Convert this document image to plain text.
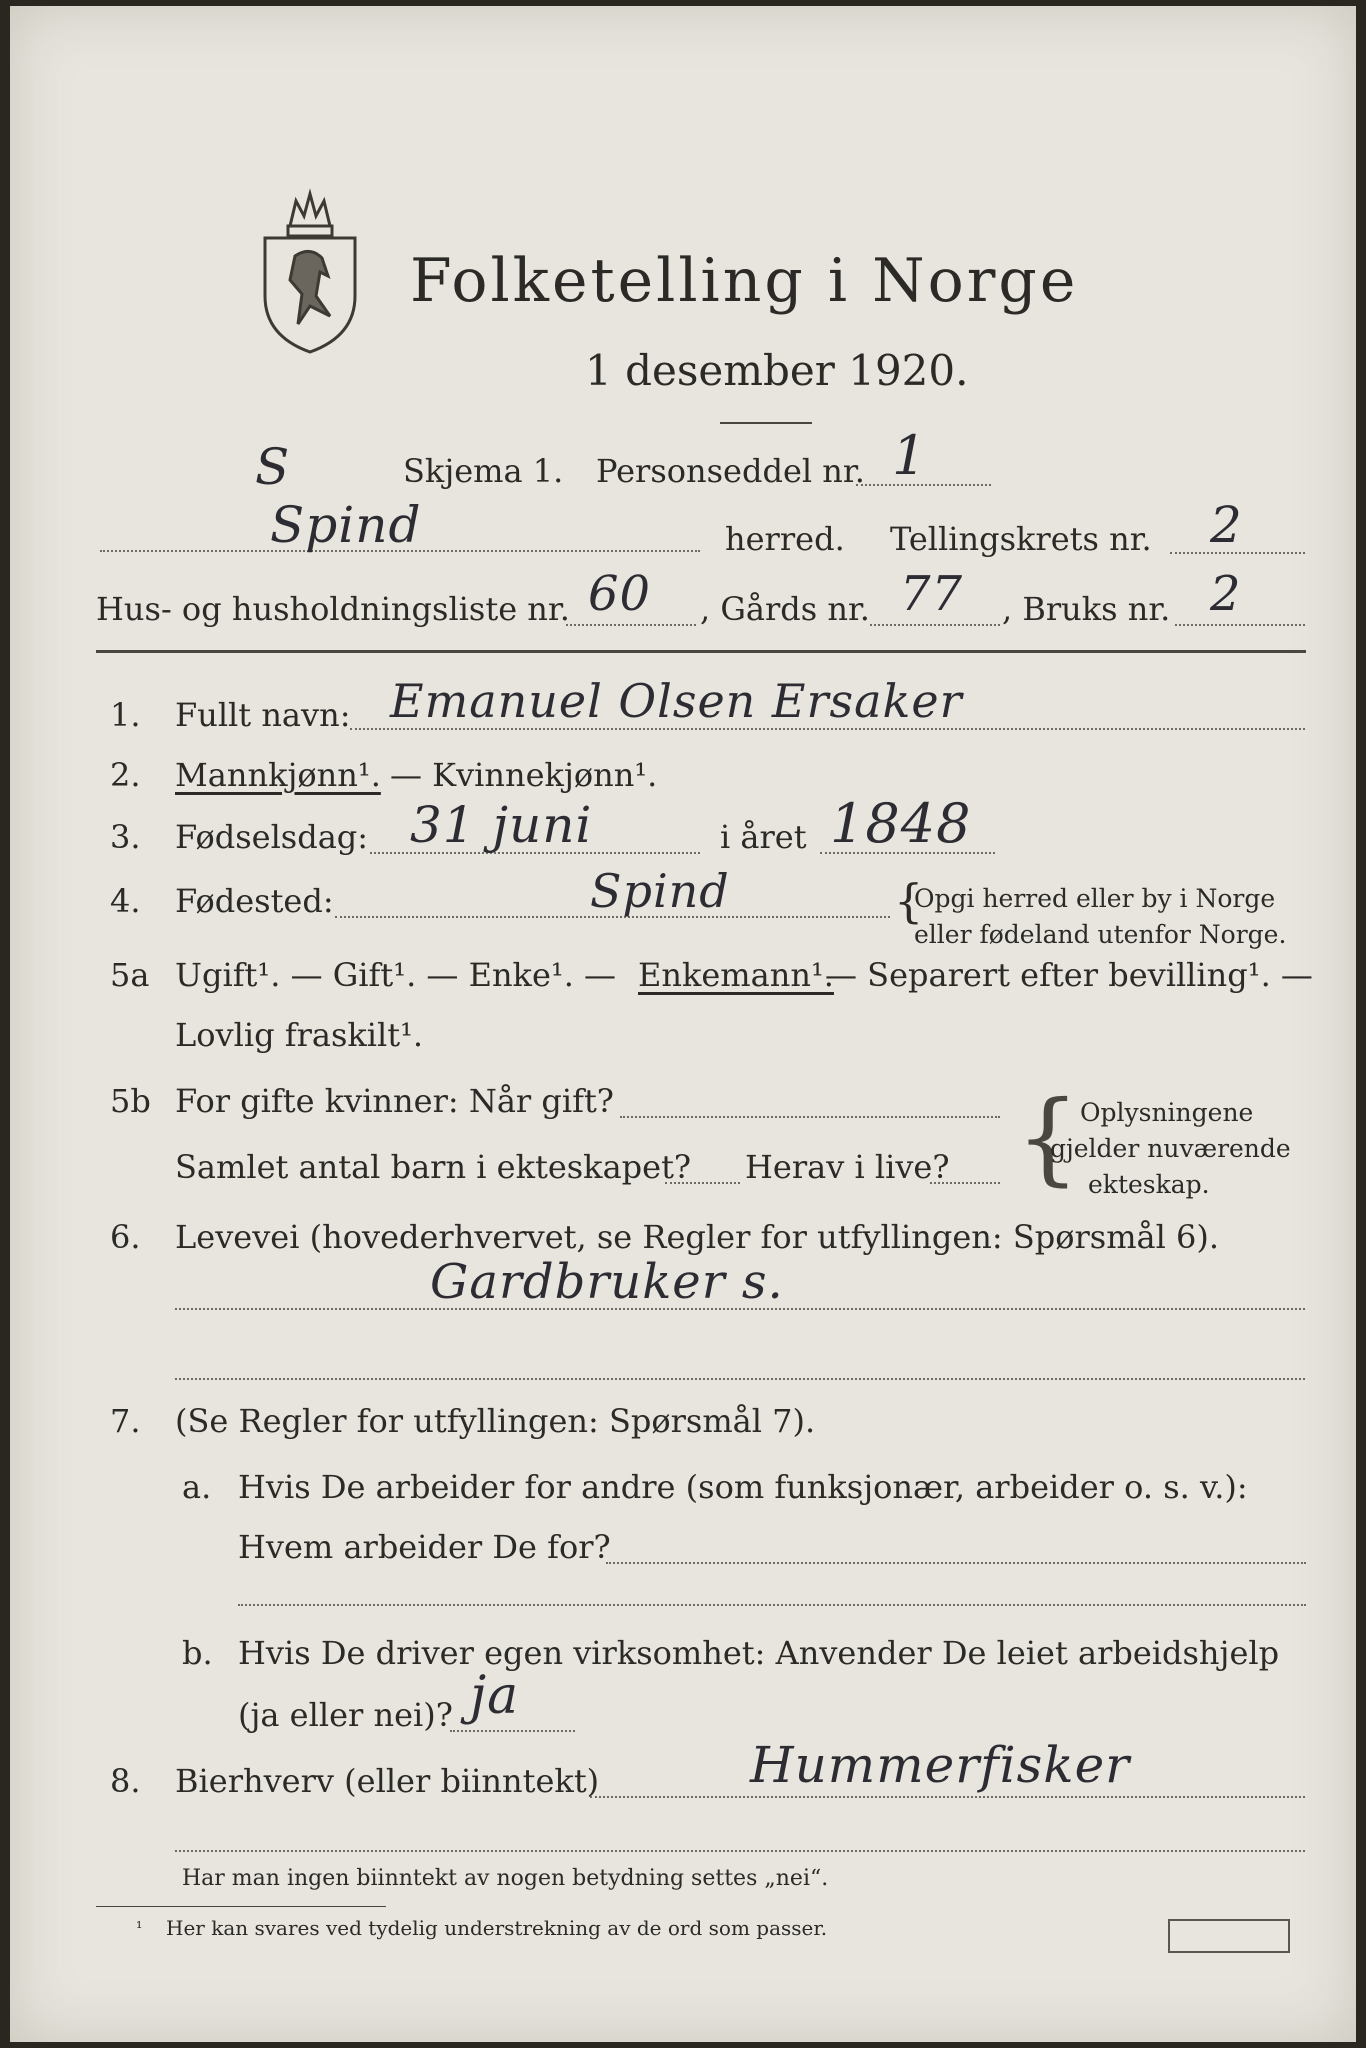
Folketelling i Norge
1 desember 1920.
S	Skjema 1. Personseddel nr. 1
Spind	herred. Tellingskrets nr. 2
Hus- og husholdningsliste nr. 60 , Gårds nr. 77 , Bruks nr. 2
1. Fullt navn: Emanuel Olsen Ersaker
2. Mannkjønn¹. — Kvinnekjønn¹.
3. Fødselsdag: 31 juni	i året 1848
4. Fødested:	Spind	{
Opgi herred eller by i Norge
eller fødeland utenfor Norge.
5a Ugift¹. — Gift¹. — Enke¹. — Enkemann¹.
— Separert efter bevilling¹. —
Lovlig fraskilt¹.
5b For gifte kvinner: Når gift?
Samlet antal barn i ekteskapet? Herav i live? { Oplysningene
gjelder nuværende
ekteskap.
6. Levevei (hovederhvervet, se Regler for utfyllingen: Spørsmål 6).
Gardbruker s.
7. (Se Regler for utfyllingen: Spørsmål 7).
a. Hvis De arbeider for andre (som funksjonær, arbeider o. s. v.):
Hvem arbeider De for?
b. Hvis De driver egen virksomhet: Anvender De leiet arbeidshjelp
(ja eller nei)? ja
8. Bierhverv (eller biinntekt)	Hummerfisker
Har man ingen biinntekt av nogen betydning settes „nei“.
¹ Her kan svares ved tydelig understrekning av de ord som passer.
